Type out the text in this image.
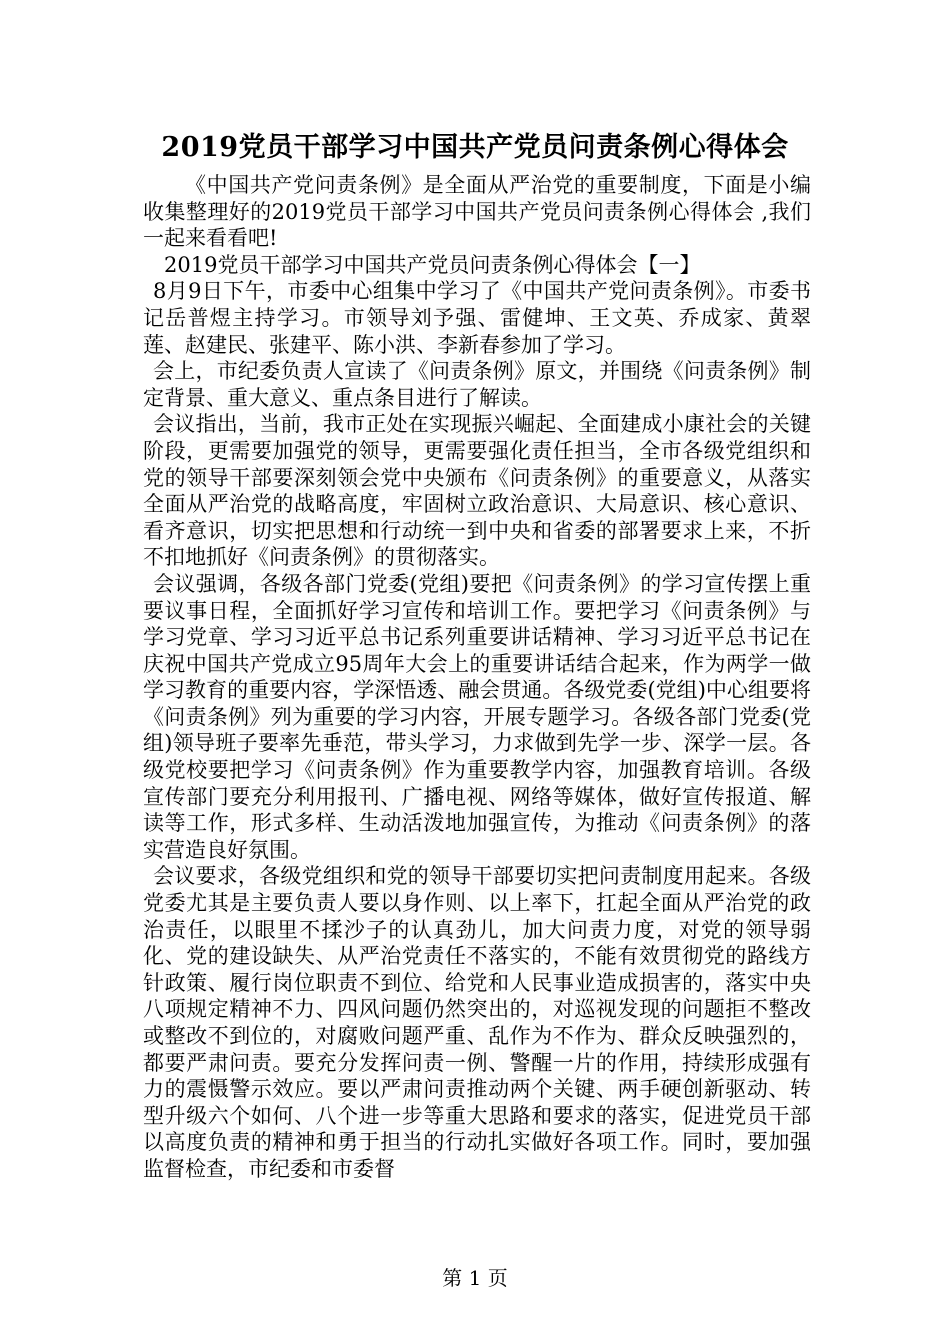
2019党员干部学习中国共产党员问责条例心得体会

《中国共产党问责条例》是全面从严治党的重要制度，下面是小编收集整理好的2019党员干部学习中国共产党员问责条例心得体会 ,我们一起来看看吧!

2019党员干部学习中国共产党员问责条例心得体会【一】

8月9日下午，市委中心组集中学习了《中国共产党问责条例》。市委书记岳普煜主持学习。市领导刘予强、雷健坤、王文英、乔成家、黄翠莲、赵建民、张建平、陈小洪、李新春参加了学习。

会上，市纪委负责人宣读了《问责条例》原文，并围绕《问责条例》制定背景、重大意义、重点条目进行了解读。

会议指出，当前，我市正处在实现振兴崛起、全面建成小康社会的关键阶段，更需要加强党的领导，更需要强化责任担当，全市各级党组织和党的领导干部要深刻领会党中央颁布《问责条例》的重要意义，从落实全面从严治党的战略高度，牢固树立政治意识、大局意识、核心意识、看齐意识，切实把思想和行动统一到中央和省委的部署要求上来，不折不扣地抓好《问责条例》的贯彻落实。

会议强调，各级各部门党委(党组)要把《问责条例》的学习宣传摆上重要议事日程，全面抓好学习宣传和培训工作。要把学习《问责条例》与学习党章、学习习近平总书记系列重要讲话精神、学习习近平总书记在庆祝中国共产党成立95周年大会上的重要讲话结合起来，作为两学一做学习教育的重要内容，学深悟透、融会贯通。各级党委(党组)中心组要将《问责条例》列为重要的学习内容，开展专题学习。各级各部门党委(党组)领导班子要率先垂范，带头学习，力求做到先学一步、深学一层。各级党校要把学习《问责条例》作为重要教学内容，加强教育培训。各级宣传部门要充分利用报刊、广播电视、网络等媒体，做好宣传报道、解读等工作，形式多样、生动活泼地加强宣传，为推动《问责条例》的落实营造良好氛围。

会议要求，各级党组织和党的领导干部要切实把问责制度用起来。各级党委尤其是主要负责人要以身作则、以上率下，扛起全面从严治党的政治责任，以眼里不揉沙子的认真劲儿，加大问责力度，对党的领导弱化、党的建设缺失、从严治党责任不落实的，不能有效贯彻党的路线方针政策、履行岗位职责不到位、给党和人民事业造成损害的，落实中央八项规定精神不力、四风问题仍然突出的，对巡视发现的问题拒不整改或整改不到位的，对腐败问题严重、乱作为不作为、群众反映强烈的，都要严肃问责。要充分发挥问责一例、警醒一片的作用，持续形成强有力的震慑警示效应。要以严肃问责推动两个关键、两手硬创新驱动、转型升级六个如何、八个进一步等重大思路和要求的落实，促进党员干部以高度负责的精神和勇于担当的行动扎实做好各项工作。同时，要加强监督检查，市纪委和市委督

第 1 页
